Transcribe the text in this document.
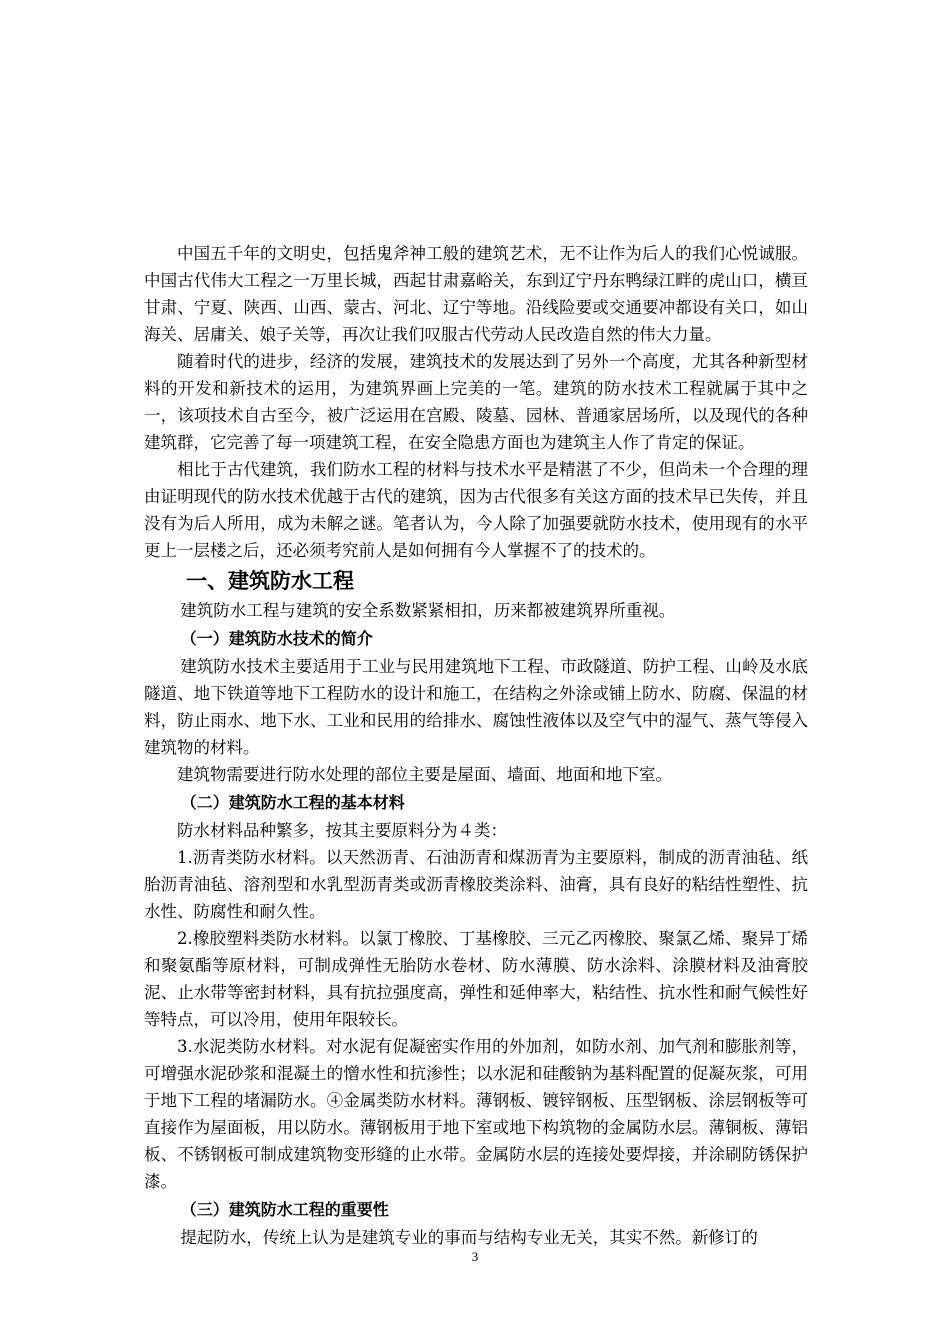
中国五千年的文明史，包括鬼斧神工般的建筑艺术，无不让作为后人的我们心悦诚服。中国古代伟大工程之一万里长城，西起甘肃嘉峪关，东到辽宁丹东鸭绿江畔的虎山口，横亘甘肃、宁夏、陕西、山西、蒙古、河北、辽宁等地。沿线险要或交通要冲都设有关口，如山海关、居庸关、娘子关等，再次让我们叹服古代劳动人民改造自然的伟大力量。

随着时代的进步，经济的发展，建筑技术的发展达到了另外一个高度，尤其各种新型材料的开发和新技术的运用，为建筑界画上完美的一笔。建筑的防水技术工程就属于其中之一，该项技术自古至今，被广泛运用在宫殿、陵墓、园林、普通家居场所，以及现代的各种建筑群，它完善了每一项建筑工程，在安全隐患方面也为建筑主人作了肯定的保证。

相比于古代建筑，我们防水工程的材料与技术水平是精湛了不少，但尚未一个合理的理由证明现代的防水技术优越于古代的建筑，因为古代很多有关这方面的技术早已失传，并且没有为后人所用，成为未解之谜。笔者认为，今人除了加强要就防水技术，使用现有的水平更上一层楼之后，还必须考究前人是如何拥有今人掌握不了的技术的。

一、建筑防水工程

建筑防水工程与建筑的安全系数紧紧相扣，历来都被建筑界所重视。

（一）建筑防水技术的简介

建筑防水技术主要适用于工业与民用建筑地下工程、市政隧道、防护工程、山岭及水底隧道、地下铁道等地下工程防水的设计和施工，在结构之外涂或铺上防水、防腐、保温的材料，防止雨水、地下水、工业和民用的给排水、腐蚀性液体以及空气中的湿气、蒸气等侵入建筑物的材料。

建筑物需要进行防水处理的部位主要是屋面、墙面、地面和地下室。

（二）建筑防水工程的基本材料

防水材料品种繁多，按其主要原料分为４类：

1.沥青类防水材料。以天然沥青、石油沥青和煤沥青为主要原料，制成的沥青油毡、纸胎沥青油毡、溶剂型和水乳型沥青类或沥青橡胶类涂料、油膏，具有良好的粘结性塑性、抗水性、防腐性和耐久性。

2.橡胶塑料类防水材料。以氯丁橡胶、丁基橡胶、三元乙丙橡胶、聚氯乙烯、聚异丁烯和聚氨酯等原材料，可制成弹性无胎防水卷材、防水薄膜、防水涂料、涂膜材料及油膏胶泥、止水带等密封材料，具有抗拉强度高，弹性和延伸率大，粘结性、抗水性和耐气候性好等特点，可以冷用，使用年限较长。

3.水泥类防水材料。对水泥有促凝密实作用的外加剂，如防水剂、加气剂和膨胀剂等，可增强水泥砂浆和混凝土的憎水性和抗渗性；以水泥和硅酸钠为基料配置的促凝灰浆，可用于地下工程的堵漏防水。④金属类防水材料。薄钢板、镀锌钢板、压型钢板、涂层钢板等可直接作为屋面板，用以防水。薄钢板用于地下室或地下构筑物的金属防水层。薄铜板、薄铝板、不锈钢板可制成建筑物变形缝的止水带。金属防水层的连接处要焊接，并涂刷防锈保护漆。

（三）建筑防水工程的重要性

提起防水，传统上认为是建筑专业的事而与结构专业无关，其实不然。新修订的

3
